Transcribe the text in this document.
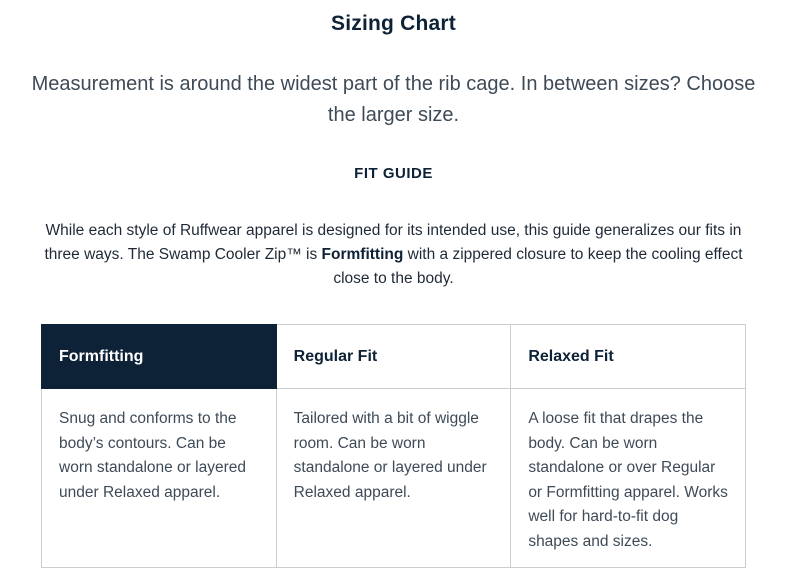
Sizing Chart
Measurement is around the widest part of the rib cage. In between sizes? Choose the larger size.
FIT GUIDE
While each style of Ruffwear apparel is designed for its intended use, this guide generalizes our fits in three ways. The Swamp Cooler Zip™ is Formfitting with a zippered closure to keep the cooling effect close to the body.
Formfitting	Regular Fit	Relaxed Fit
Snug and conforms to the body’s contours. Can be worn standalone or layered under Relaxed apparel.	Tailored with a bit of wiggle room. Can be worn standalone or layered under Relaxed apparel.	A loose fit that drapes the body. Can be worn standalone or over Regular or Formfitting apparel. Works well for hard-to-fit dog shapes and sizes.
